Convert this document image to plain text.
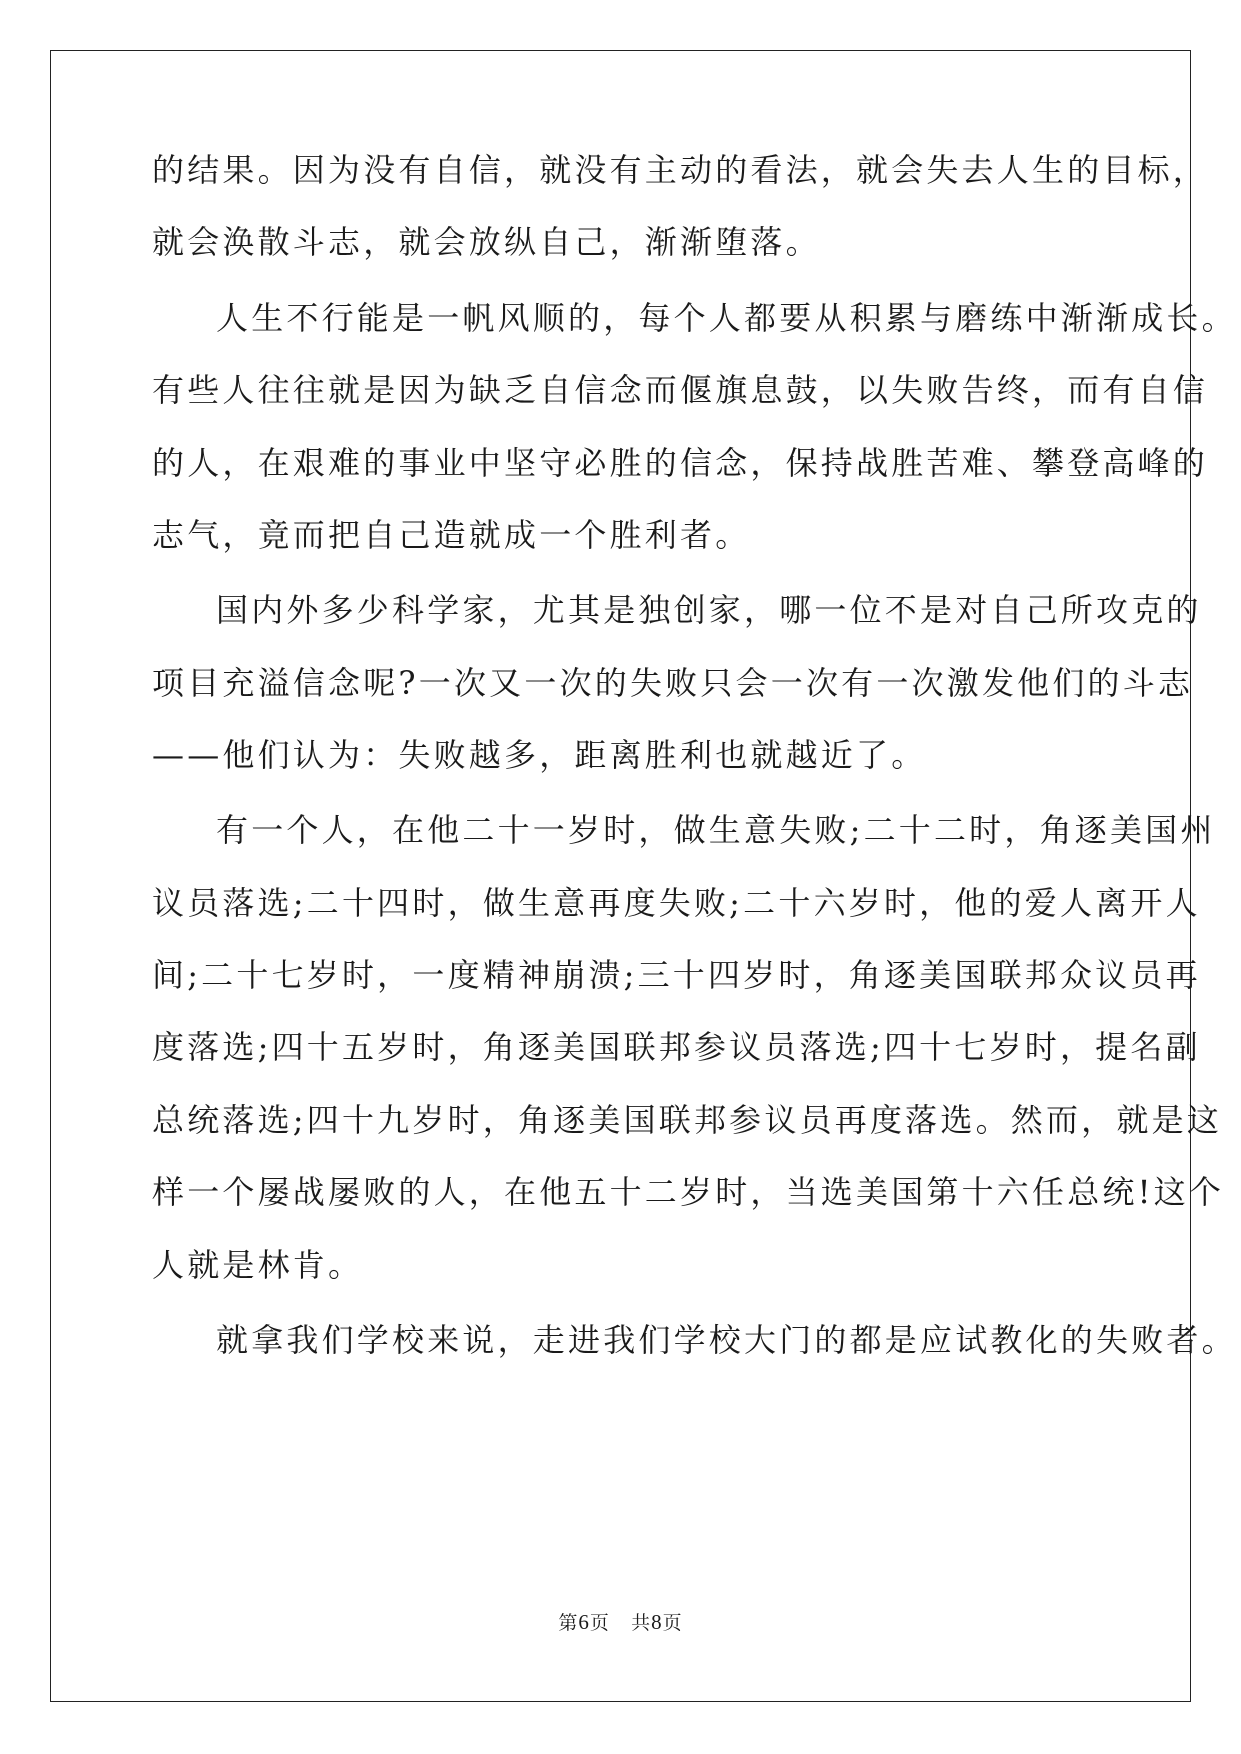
的结果。因为没有自信，就没有主动的看法，就会失去人生的目标，
就会涣散斗志，就会放纵自己，渐渐堕落。
人生不行能是一帆风顺的，每个人都要从积累与磨练中渐渐成长。
有些人往往就是因为缺乏自信念而偃旗息鼓，以失败告终，而有自信
的人，在艰难的事业中坚守必胜的信念，保持战胜苦难、攀登高峰的
志气，竟而把自己造就成一个胜利者。
国内外多少科学家，尤其是独创家，哪一位不是对自己所攻克的
项目充溢信念呢?一次又一次的失败只会一次有一次激发他们的斗志
——他们认为：失败越多，距离胜利也就越近了。
有一个人，在他二十一岁时，做生意失败;二十二时，角逐美国州
议员落选;二十四时，做生意再度失败;二十六岁时，他的爱人离开人
间;二十七岁时，一度精神崩溃;三十四岁时，角逐美国联邦众议员再
度落选;四十五岁时，角逐美国联邦参议员落选;四十七岁时，提名副
总统落选;四十九岁时，角逐美国联邦参议员再度落选。然而，就是这
样一个屡战屡败的人，在他五十二岁时，当选美国第十六任总统!这个
人就是林肯。
就拿我们学校来说，走进我们学校大门的都是应试教化的失败者。
第6页 共8页
